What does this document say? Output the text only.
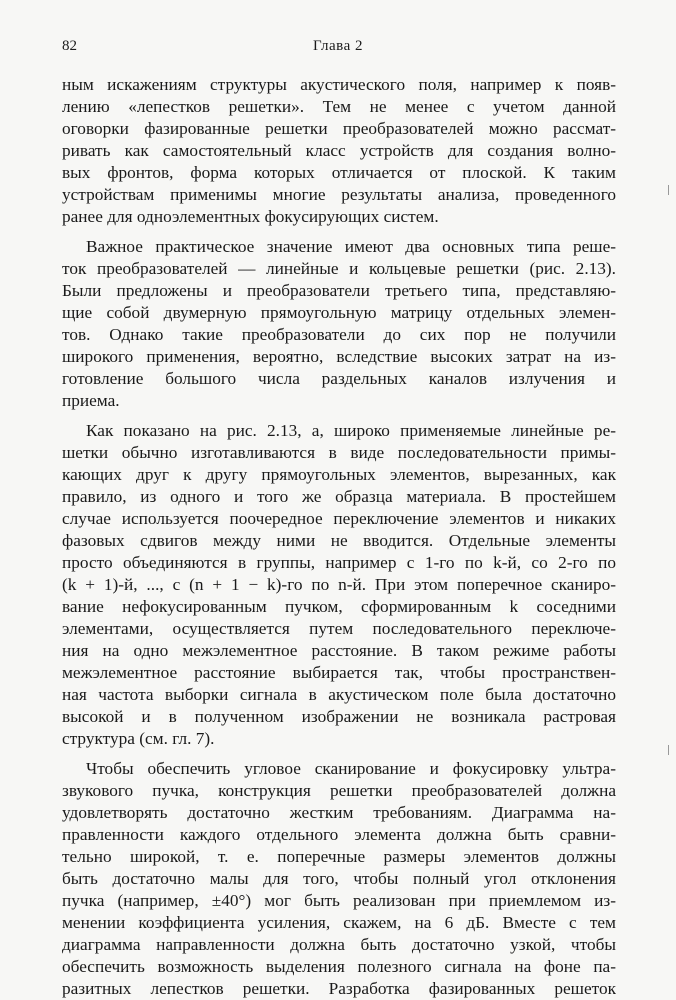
82	Глава 2
ным искажениям структуры акустического поля, например к появ-
лению «лепестков решетки». Тем не менее с учетом данной
оговорки фазированные решетки преобразователей можно рассмат-
ривать как самостоятельный класс устройств для создания волно-
вых фронтов, форма которых отличается от плоской. К таким
устройствам применимы многие результаты анализа, проведенного
ранее для одноэлементных фокусирующих систем.
Важное практическое значение имеют два основных типа реше-
ток преобразователей — линейные и кольцевые решетки (рис. 2.13).
Были предложены и преобразователи третьего типа, представляю-
щие собой двумерную прямоугольную матрицу отдельных элемен-
тов. Однако такие преобразователи до сих пор не получили
широкого применения, вероятно, вследствие высоких затрат на из-
готовление большого числа раздельных каналов излучения и
приема.
Как показано на рис. 2.13, а, широко применяемые линейные ре-
шетки обычно изготавливаются в виде последовательности примы-
кающих друг к другу прямоугольных элементов, вырезанных, как
правило, из одного и того же образца материала. В простейшем
случае используется поочередное переключение элементов и никаких
фазовых сдвигов между ними не вводится. Отдельные элементы
просто объединяются в группы, например с 1-го по k-й, со 2-го по
(k + 1)-й, ..., с (n + 1 − k)-го по n-й. При этом поперечное сканиро-
вание нефокусированным пучком, сформированным k соседними
элементами, осуществляется путем последовательного переключе-
ния на одно межэлементное расстояние. В таком режиме работы
межэлементное расстояние выбирается так, чтобы пространствен-
ная частота выборки сигнала в акустическом поле была достаточно
высокой и в полученном изображении не возникала растровая
структура (см. гл. 7).
Чтобы обеспечить угловое сканирование и фокусировку ультра-
звукового пучка, конструкция решетки преобразователей должна
удовлетворять достаточно жестким требованиям. Диаграмма на-
правленности каждого отдельного элемента должна быть сравни-
тельно широкой, т. е. поперечные размеры элементов должны
быть достаточно малы для того, чтобы полный угол отклонения
пучка (например, ±40°) мог быть реализован при приемлемом из-
менении коэффициента усиления, скажем, на 6 дБ. Вместе с тем
диаграмма направленности должна быть достаточно узкой, чтобы
обеспечить возможность выделения полезного сигнала на фоне па-
разитных лепестков решетки. Разработка фазированных решеток
